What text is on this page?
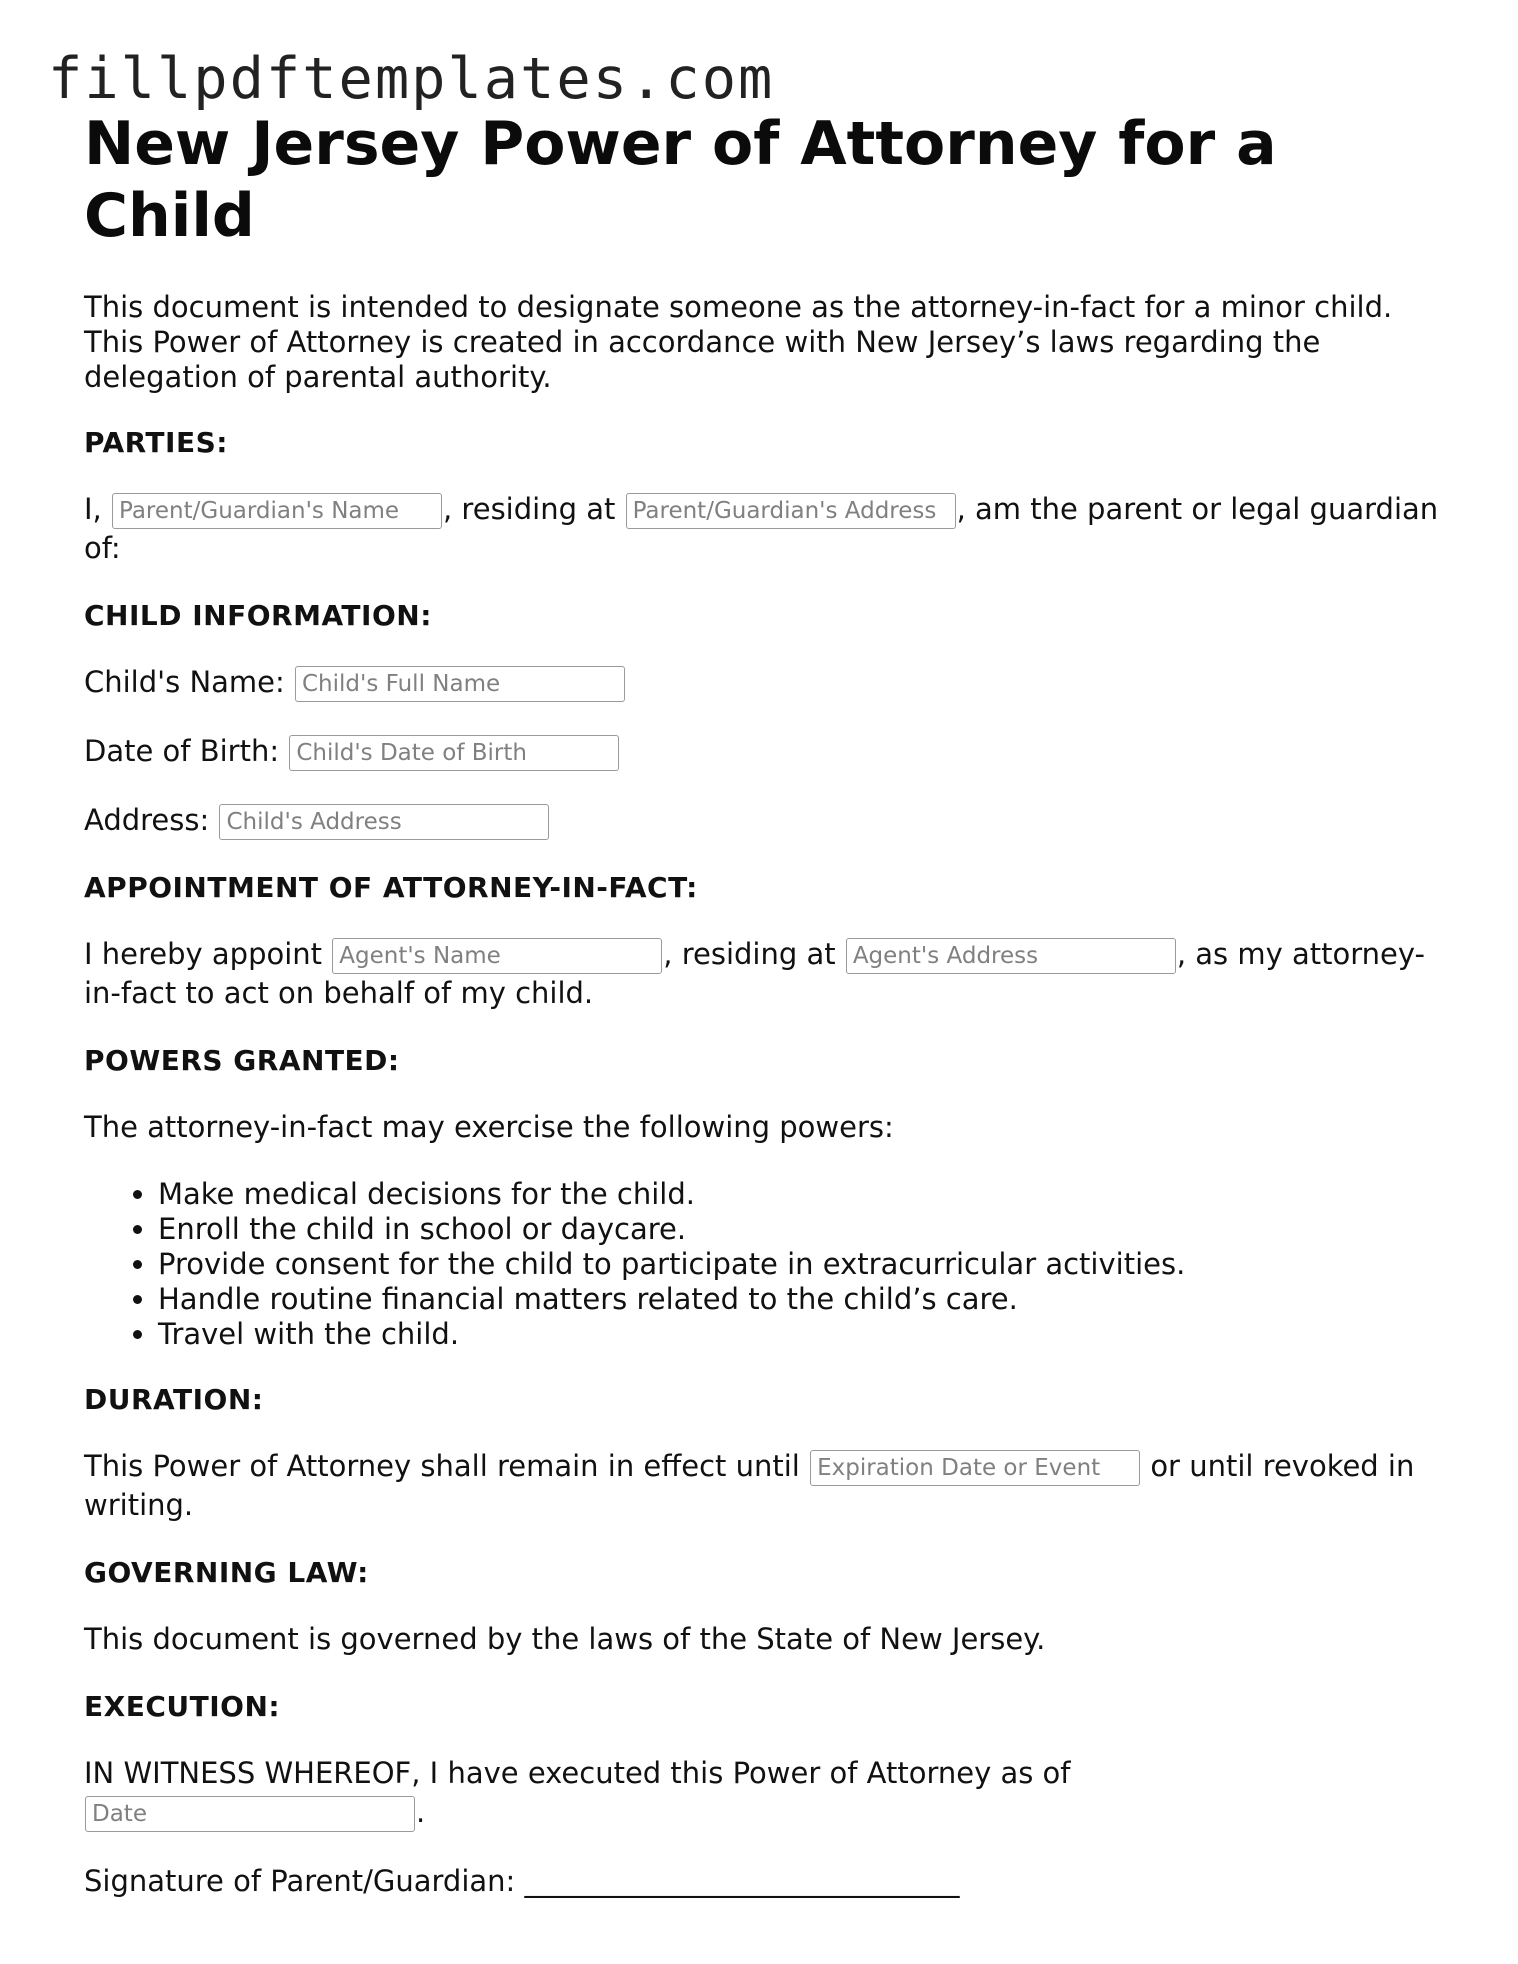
fillpdftemplates.com
New Jersey Power of Attorney for a Child

This document is intended to designate someone as the attorney-in-fact for a minor child. This Power of Attorney is created in accordance with New Jersey’s laws regarding the delegation of parental authority.

PARTIES:

I, Parent/Guardian's Name	, residing at Parent/Guardian's Address	, am the parent or legal guardian of:

CHILD INFORMATION:

Child's Name: Child's Full Name

Date of Birth: Child's Date of Birth

Address: Child's Address

APPOINTMENT OF ATTORNEY-IN-FACT:

I hereby appoint Agent's Name	, residing at Agent's Address	, as my attorney-in-fact to act on behalf of my child.

POWERS GRANTED:

The attorney-in-fact may exercise the following powers:

• Make medical decisions for the child.
• Enroll the child in school or daycare.
• Provide consent for the child to participate in extracurricular activities.
• Handle routine financial matters related to the child’s care.
• Travel with the child.

DURATION:

This Power of Attorney shall remain in effect until Expiration Date or Event	or until revoked in writing.

GOVERNING LAW:

This document is governed by the laws of the State of New Jersey.

EXECUTION:

IN WITNESS WHEREOF, I have executed this Power of Attorney as of
Date.

Signature of Parent/Guardian: ______________________________
